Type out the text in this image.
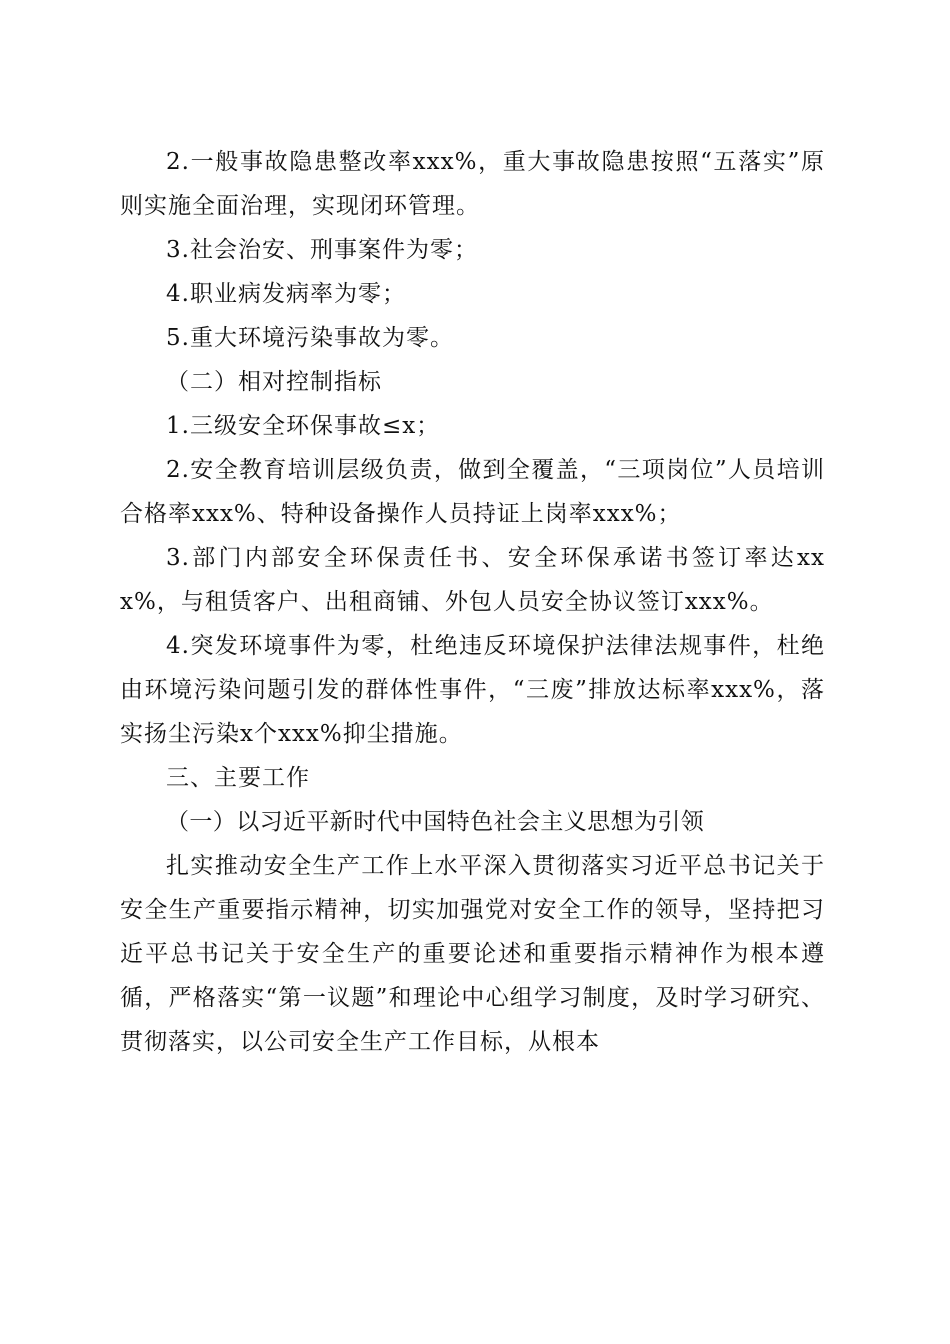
2.一般事故隐患整改率xxx%，重大事故隐患按照“五落实”原则实施全面治理，实现闭环管理。

3.社会治安、刑事案件为零；

4.职业病发病率为零；

5.重大环境污染事故为零。

（二）相对控制指标

1.三级安全环保事故≤x；

2.安全教育培训层级负责，做到全覆盖，“三项岗位”人员培训合格率xxx%、特种设备操作人员持证上岗率xxx%；

3.部门内部安全环保责任书、安全环保承诺书签订率达xxx%，与租赁客户、出租商铺、外包人员安全协议签订xxx%。

4.突发环境事件为零，杜绝违反环境保护法律法规事件，杜绝由环境污染问题引发的群体性事件，“三废”排放达标率xxx%，落实扬尘污染x个xxx%抑尘措施。

三、主要工作

（一）以习近平新时代中国特色社会主义思想为引领

扎实推动安全生产工作上水平深入贯彻落实习近平总书记关于安全生产重要指示精神，切实加强党对安全工作的领导，坚持把习近平总书记关于安全生产的重要论述和重要指示精神作为根本遵循，严格落实“第一议题”和理论中心组学习制度，及时学习研究、贯彻落实，以公司安全生产工作目标，从根本
